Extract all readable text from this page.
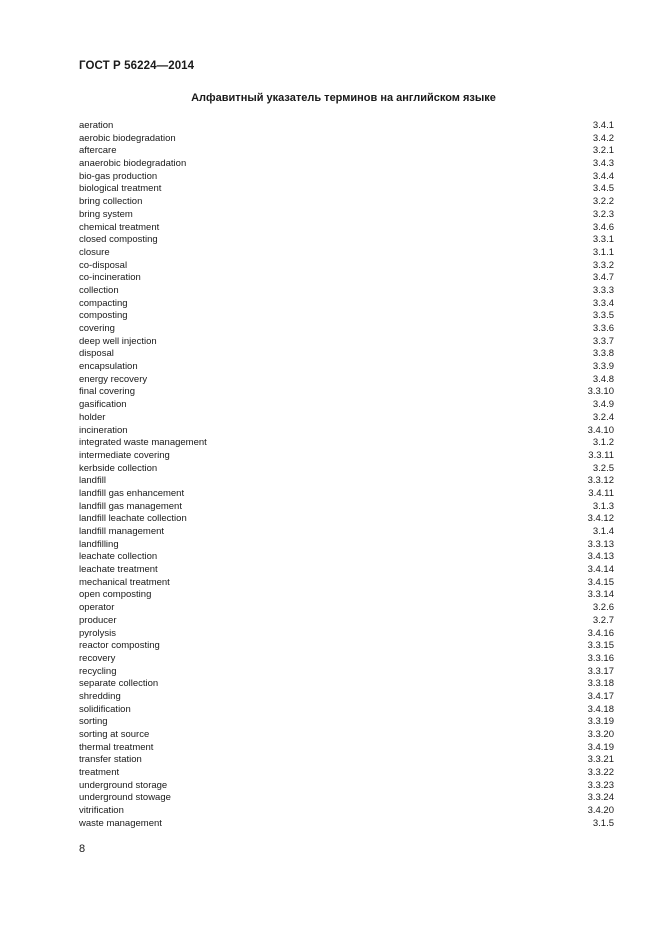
ГОСТ Р 56224—2014

Алфавитный указатель терминов на английском языке
aeration	3.4.1
aerobic biodegradation	3.4.2
aftercare	3.2.1
anaerobic biodegradation	3.4.3
bio-gas production	3.4.4
biological treatment	3.4.5
bring collection	3.2.2
bring system	3.2.3
chemical treatment	3.4.6
closed composting	3.3.1
closure	3.1.1
co-disposal	3.3.2
co-incineration	3.4.7
collection	3.3.3
compacting	3.3.4
composting	3.3.5
covering	3.3.6
deep well injection	3.3.7
disposal	3.3.8
encapsulation	3.3.9
energy recovery	3.4.8
final covering	3.3.10
gasification	3.4.9
holder	3.2.4
incineration	3.4.10
integrated waste management	3.1.2
intermediate covering	3.3.11
kerbside collection	3.2.5
landfill	3.3.12
landfill gas enhancement	3.4.11
landfill gas management	3.1.3
landfill leachate collection	3.4.12
landfill management	3.1.4
landfilling	3.3.13
leachate collection	3.4.13
leachate treatment	3.4.14
mechanical treatment	3.4.15
open composting	3.3.14
operator	3.2.6
producer	3.2.7
pyrolysis	3.4.16
reactor composting	3.3.15
recovery	3.3.16
recycling	3.3.17
separate collection	3.3.18
shredding	3.4.17
solidification	3.4.18
sorting	3.3.19
sorting at source	3.3.20
thermal treatment	3.4.19
transfer station	3.3.21
treatment	3.3.22
underground storage	3.3.23
underground stowage	3.3.24
vitrification	3.4.20
waste management	3.1.5

8
